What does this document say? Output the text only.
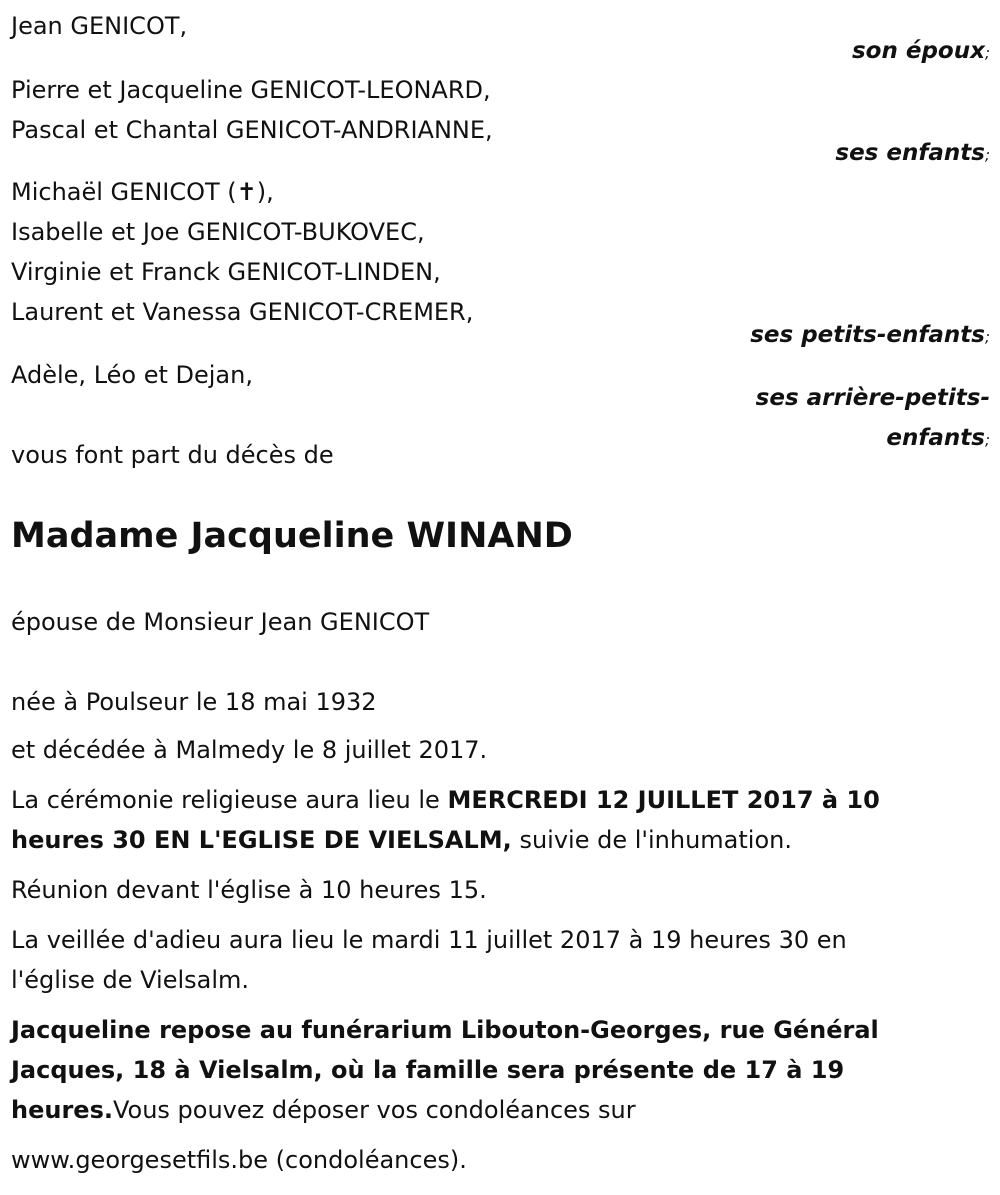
Jean GENICOT,
son époux;
Pierre et Jacqueline GENICOT-LEONARD,
Pascal et Chantal GENICOT-ANDRIANNE,
ses enfants;
Michaël GENICOT (✝),
Isabelle et Joe GENICOT-BUKOVEC,
Virginie et Franck GENICOT-LINDEN,
Laurent et Vanessa GENICOT-CREMER,
ses petits-enfants;
Adèle, Léo et Dejan,
ses arrière-petits-
enfants;
vous font part du décès de
Madame Jacqueline WINAND
épouse de Monsieur Jean GENICOT
née à Poulseur le 18 mai 1932
et décédée à Malmedy le 8 juillet 2017.
La cérémonie religieuse aura lieu le MERCREDI 12 JUILLET 2017 à 10
heures 30 EN L'EGLISE DE VIELSALM, suivie de l'inhumation.
Réunion devant l'église à 10 heures 15.
La veillée d'adieu aura lieu le mardi 11 juillet 2017 à 19 heures 30 en
l'église de Vielsalm.
Jacqueline repose au funérarium Libouton-Georges, rue Général
Jacques, 18 à Vielsalm, où la famille sera présente de 17 à 19
heures.Vous pouvez déposer vos condoléances sur
www.georgesetfils.be (condoléances).
